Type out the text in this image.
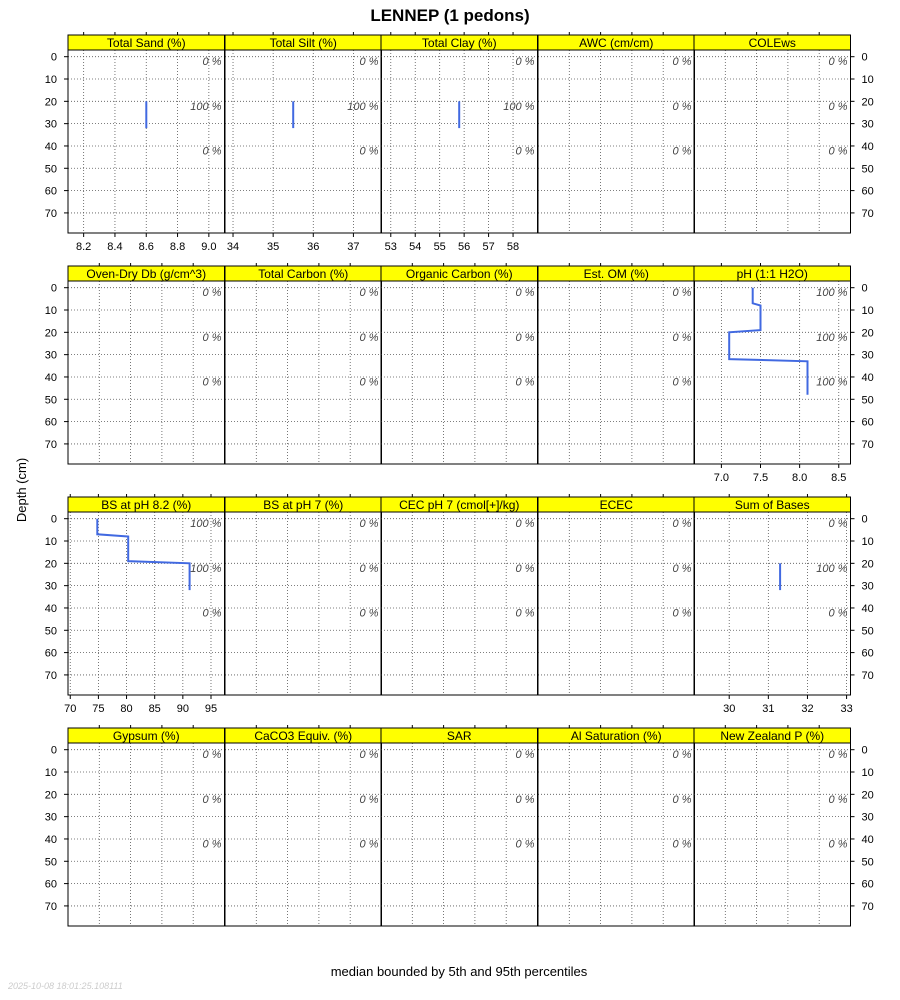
LENNEP (1 pedons)
Depth (cm)
median bounded by 5th and 95th percentiles
2025-10-08 18:01:25.108111
Total Sand (%)
0 %
100 %
0 %
8.2 8.4 8.6 8.8 9.0
Total Silt (%)
0 %
100 %
0 %
34	35	36	37
Total Clay (%)
0 %
100 %
0 %
53 54 55 56 57 58
AWC (cm/cm)
0 %
0 %
0 %
COLEws
0 %
0 %
0 %
0	0
10	10
20	20
30	30
40	40
50	50
60	60
70	70
Oven-Dry Db (g/cm^3)
0 %
0 %
0 %
Total Carbon (%)
0 %
0 %
0 %
Organic Carbon (%)
0 %
0 %
0 %
Est. OM (%)
0 %
0 %
0 %
pH (1:1 H2O)
100 %
100 %
100 %
7.0 7.5 8.0 8.5
0	0
10	10
20	20
30	30
40	40
50	50
60	60
70	70
BS at pH 8.2 (%)
100 %
100 %
0 %
70 75 80 85 90 95
BS at pH 7 (%)
0 %
0 %
0 %
CEC pH 7 (cmol[+]/kg)
0 %
0 %
0 %
ECEC
0 %
0 %
0 %
Sum of Bases
0 %
100 %
0 %
30 31 32 33
0	0
10	10
20	20
30	30
40	40
50	50
60	60
70	70
Gypsum (%)
0 %
0 %
0 %
CaCO3 Equiv. (%)
0 %
0 %
0 %
SAR
0 %
0 %
0 %
Al Saturation (%)
0 %
0 %
0 %
New Zealand P (%)
0 %
0 %
0 %
0	0
10	10
20	20
30	30
40	40
50	50
60	60
70	70
